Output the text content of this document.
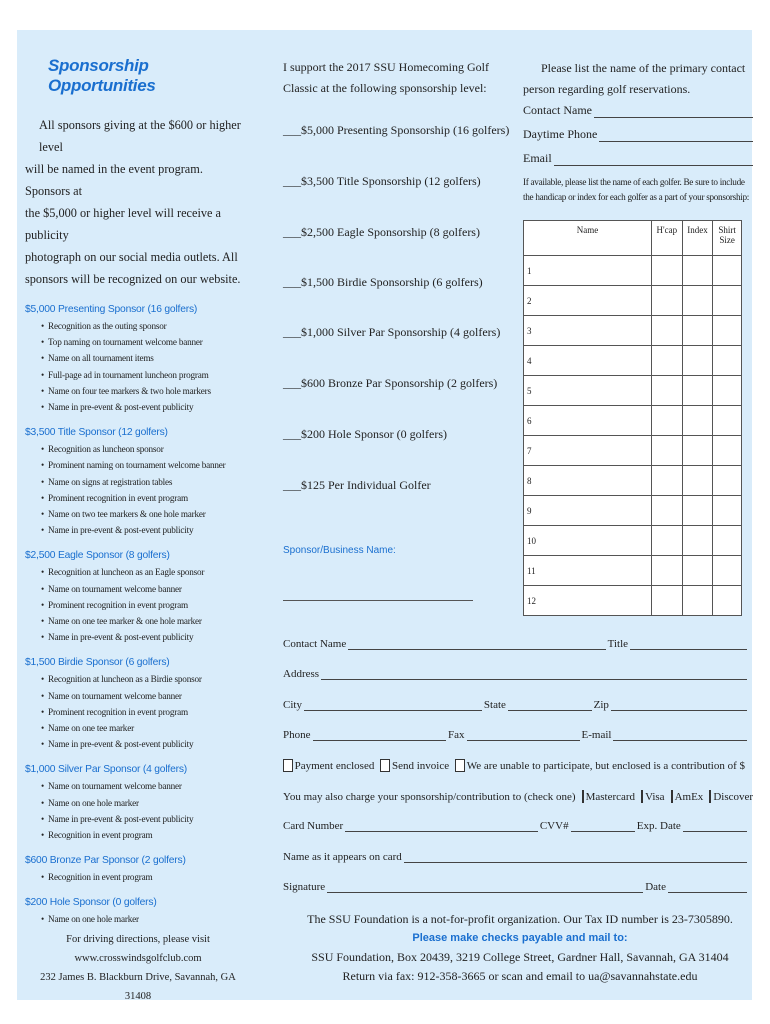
Sponsorship Opportunities
All sponsors giving at the $600 or higher level
will be named in the event program. Sponsors at
the $5,000 or higher level will receive a publicity
photograph on our social media outlets. All
sponsors will be recognized on our website.
$5,000 Presenting Sponsor (16 golfers)
• Recognition as the outing sponsor
• Top naming on tournament welcome banner
• Name on all tournament items
• Full-page ad in tournament luncheon program
• Name on four tee markers & two hole markers
• Name in pre-event & post-event publicity
$3,500 Title Sponsor (12 golfers)
• Recognition as luncheon sponsor
• Prominent naming on tournament welcome banner
• Name on signs at registration tables
• Prominent recognition in event program
• Name on two tee markers & one hole marker
• Name in pre-event & post-event publicity
$2,500 Eagle Sponsor (8 golfers)
• Recognition at luncheon as an Eagle sponsor
• Name on tournament welcome banner
• Prominent recognition in event program
• Name on one tee marker & one hole marker
• Name in pre-event & post-event publicity
$1,500 Birdie Sponsor (6 golfers)
• Recognition at luncheon as a Birdie sponsor
• Name on tournament welcome banner
• Prominent recognition in event program
• Name on one tee marker
• Name in pre-event & post-event publicity
$1,000 Silver Par Sponsor (4 golfers)
• Name on tournament welcome banner
• Name on one hole marker
• Name in pre-event & post-event publicity
• Recognition in event program
$600 Bronze Par Sponsor (2 golfers)
• Recognition in event program
$200 Hole Sponsor (0 golfers)
• Name on one hole marker
For driving directions, please visit
www.crosswindsgolfclub.com
232 James B. Blackburn Drive, Savannah, GA 31408
I support the 2017 SSU Homecoming Golf Classic at the following sponsorship level:
___$5,000 Presenting Sponsorship (16 golfers)
___$3,500 Title Sponsorship (12 golfers)
___$2,500 Eagle Sponsorship (8 golfers)
___$1,500 Birdie Sponsorship (6 golfers)
___$1,000 Silver Par Sponsorship (4 golfers)
___$600 Bronze Par Sponsorship (2 golfers)
___$200 Hole Sponsor (0 golfers)
___$125 Per Individual Golfer
Sponsor/Business Name:
Please list the name of the primary contact person regarding golf reservations.
Contact Name
Daytime Phone
Email
If available, please list the name of each golfer. Be sure to include the handicap or index for each golfer as a part of your sponsorship:
Name	H'cap	Index	Shirt Size
1			
2			
3			
4			
5			
6			
7			
8			
9			
10			
11			
12			
Contact Name	Title
Address
City	State	Zip
Phone	Fax	E-mail
Payment enclosed Send invoice We are unable to participate, but enclosed is a contribution of $
You may also charge your sponsorship/contribution to (check one) Mastercard Visa AmEx Discover
Card Number	CVV#	Exp. Date
Name as it appears on card
Signature	Date
The SSU Foundation is a not-for-profit organization. Our Tax ID number is 23-7305890.
Please make checks payable and mail to:
SSU Foundation, Box 20439, 3219 College Street, Gardner Hall, Savannah, GA 31404
Return via fax: 912-358-3665 or scan and email to ua@savannahstate.edu
